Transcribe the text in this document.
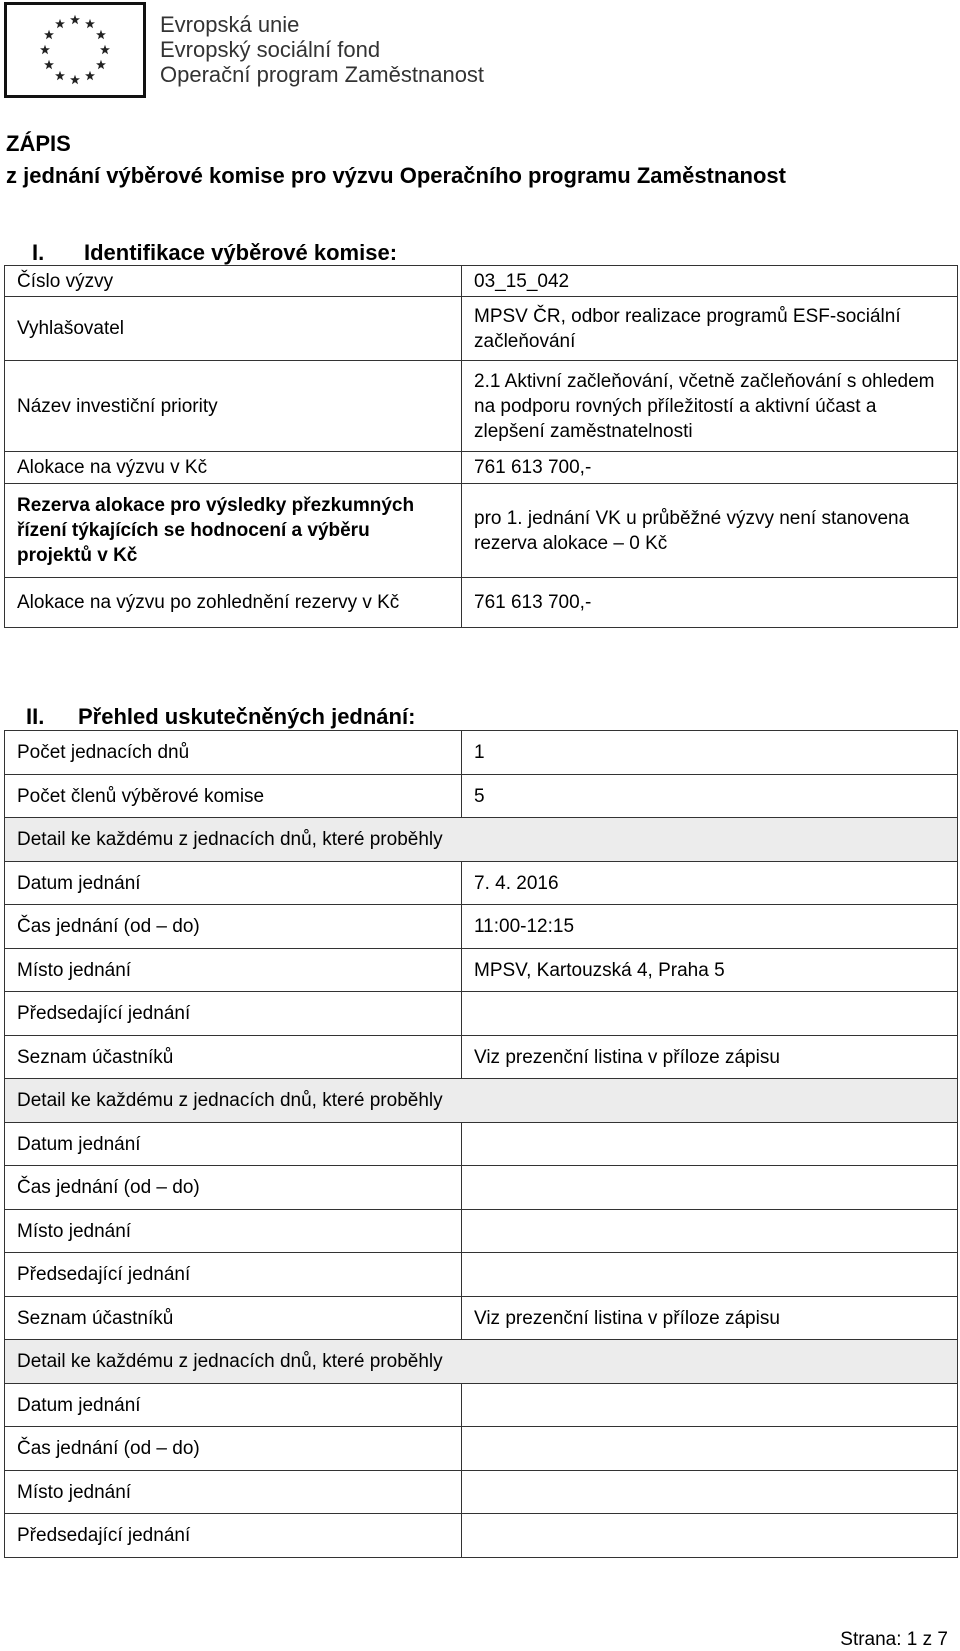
Evropská unie
Evropský sociální fond
Operační program Zaměstnanost
ZÁPIS
z jednání výběrové komise pro výzvu Operačního programu Zaměstnanost
I. Identifikace výběrové komise:
Číslo výzvy	03_15_042
Vyhlašovatel	MPSV ČR, odbor realizace programů ESF-sociální začleňování
Název investiční priority	2.1 Aktivní začleňování, včetně začleňování s ohledem na podporu rovných příležitostí a aktivní účast a zlepšení zaměstnatelnosti
Alokace na výzvu v Kč	761 613 700,-
Rezerva alokace pro výsledky přezkumných řízení týkajících se hodnocení a výběru projektů v Kč	pro 1. jednání VK u průběžné výzvy není stanovena rezerva alokace – 0 Kč
Alokace na výzvu po zohlednění rezervy v Kč	761 613 700,-
II. Přehled uskutečněných jednání:
Počet jednacích dnů	1
Počet členů výběrové komise	5
Detail ke každému z jednacích dnů, které proběhly	
Datum jednání	7. 4. 2016
Čas jednání (od – do)	11:00-12:15
Místo jednání	MPSV, Kartouzská 4, Praha 5
Předsedající jednání	
Seznam účastníků	Viz prezenční listina v příloze zápisu
Detail ke každému z jednacích dnů, které proběhly	
Datum jednání	
Čas jednání (od – do)	
Místo jednání	
Předsedající jednání	
Seznam účastníků	Viz prezenční listina v příloze zápisu
Detail ke každému z jednacích dnů, které proběhly	
Datum jednání	
Čas jednání (od – do)	
Místo jednání	
Předsedající jednání	
Strana: 1 z 7
